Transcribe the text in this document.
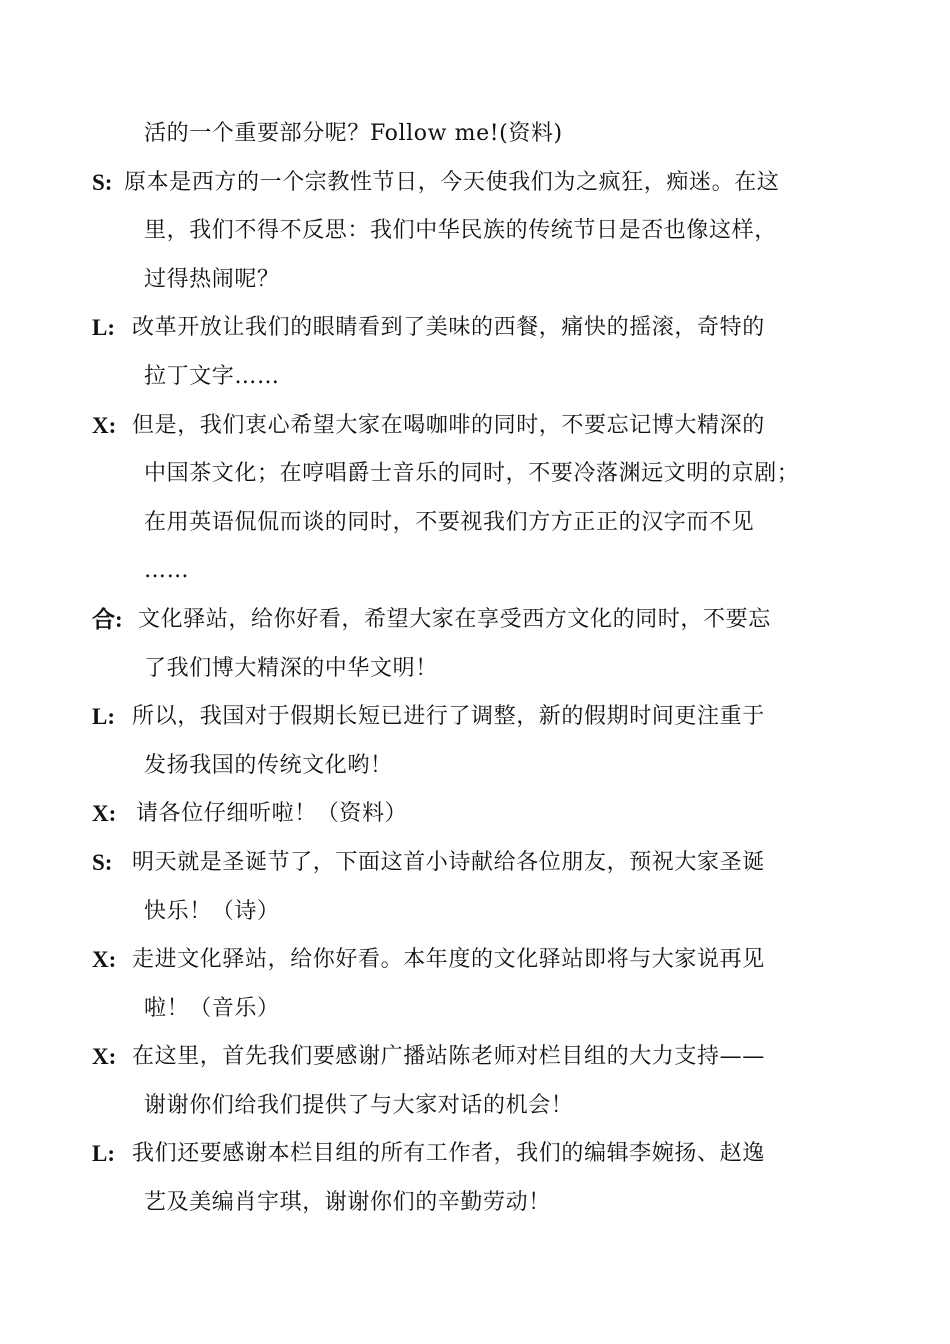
活的一个重要部分呢？Follow me!(资料)
S: 原本是西方的一个宗教性节日，今天使我们为之疯狂，痴迷。在这
里，我们不得不反思：我们中华民族的传统节日是否也像这样，
过得热闹呢？
L: 改革开放让我们的眼睛看到了美味的西餐，痛快的摇滚，奇特的
拉丁文字……
X: 但是，我们衷心希望大家在喝咖啡的同时，不要忘记博大精深的
中国茶文化；在哼唱爵士音乐的同时，不要冷落渊远文明的京剧；
在用英语侃侃而谈的同时，不要视我们方方正正的汉字而不见
……
合: 文化驿站，给你好看，希望大家在享受西方文化的同时，不要忘
了我们博大精深的中华文明！
L: 所以，我国对于假期长短已进行了调整，新的假期时间更注重于
发扬我国的传统文化哟！
X: 请各位仔细听啦！（资料）
S: 明天就是圣诞节了，下面这首小诗献给各位朋友，预祝大家圣诞
快乐！（诗）
X: 走进文化驿站，给你好看。本年度的文化驿站即将与大家说再见
啦！（音乐）
X: 在这里，首先我们要感谢广播站陈老师对栏目组的大力支持——
谢谢你们给我们提供了与大家对话的机会！
L: 我们还要感谢本栏目组的所有工作者，我们的编辑李婉扬、赵逸
艺及美编肖宇琪，谢谢你们的辛勤劳动！
